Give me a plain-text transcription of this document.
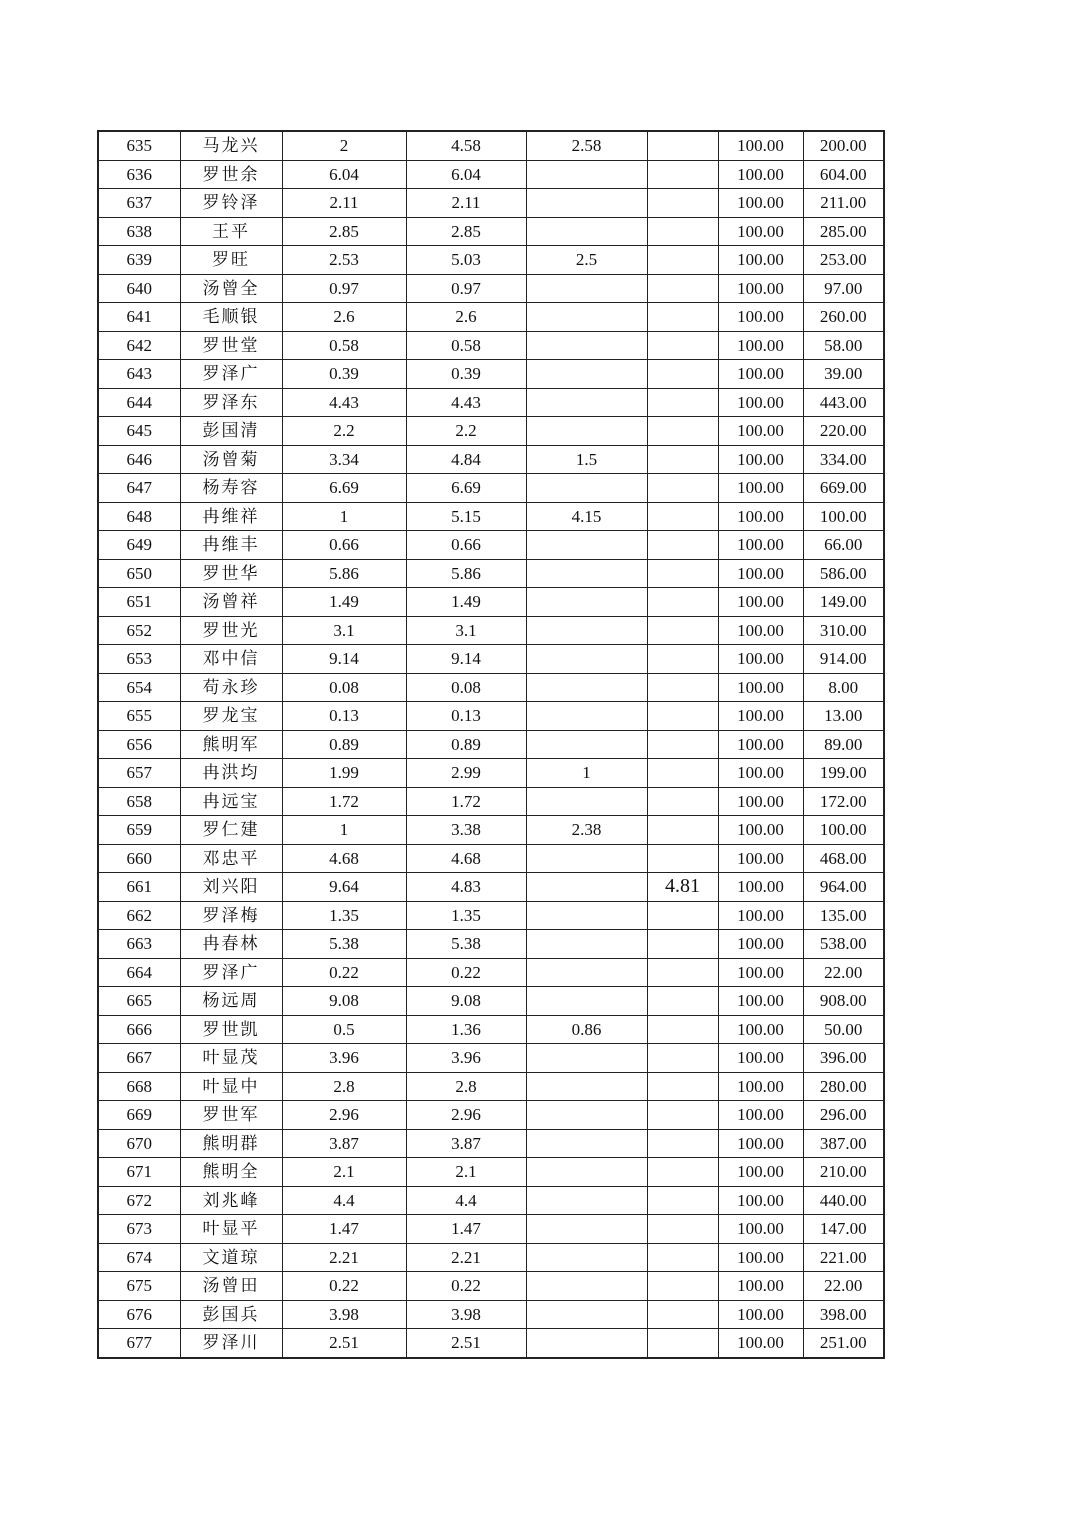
635	马龙兴	2	4.58	2.58		100.00	200.00
636	罗世余	6.04	6.04			100.00	604.00
637	罗铃泽	2.11	2.11			100.00	211.00
638	王平	2.85	2.85			100.00	285.00
639	罗旺	2.53	5.03	2.5		100.00	253.00
640	汤曾全	0.97	0.97			100.00	97.00
641	毛顺银	2.6	2.6			100.00	260.00
642	罗世堂	0.58	0.58			100.00	58.00
643	罗泽广	0.39	0.39			100.00	39.00
644	罗泽东	4.43	4.43			100.00	443.00
645	彭国清	2.2	2.2			100.00	220.00
646	汤曾菊	3.34	4.84	1.5		100.00	334.00
647	杨寿容	6.69	6.69			100.00	669.00
648	冉维祥	1	5.15	4.15		100.00	100.00
649	冉维丰	0.66	0.66			100.00	66.00
650	罗世华	5.86	5.86			100.00	586.00
651	汤曾祥	1.49	1.49			100.00	149.00
652	罗世光	3.1	3.1			100.00	310.00
653	邓中信	9.14	9.14			100.00	914.00
654	苟永珍	0.08	0.08			100.00	8.00
655	罗龙宝	0.13	0.13			100.00	13.00
656	熊明军	0.89	0.89			100.00	89.00
657	冉洪均	1.99	2.99	1		100.00	199.00
658	冉远宝	1.72	1.72			100.00	172.00
659	罗仁建	1	3.38	2.38		100.00	100.00
660	邓忠平	4.68	4.68			100.00	468.00
661	刘兴阳	9.64	4.83		4.81	100.00	964.00
662	罗泽梅	1.35	1.35			100.00	135.00
663	冉春林	5.38	5.38			100.00	538.00
664	罗泽广	0.22	0.22			100.00	22.00
665	杨远周	9.08	9.08			100.00	908.00
666	罗世凯	0.5	1.36	0.86		100.00	50.00
667	叶显茂	3.96	3.96			100.00	396.00
668	叶显中	2.8	2.8			100.00	280.00
669	罗世军	2.96	2.96			100.00	296.00
670	熊明群	3.87	3.87			100.00	387.00
671	熊明全	2.1	2.1			100.00	210.00
672	刘兆峰	4.4	4.4			100.00	440.00
673	叶显平	1.47	1.47			100.00	147.00
674	文道琼	2.21	2.21			100.00	221.00
675	汤曾田	0.22	0.22			100.00	22.00
676	彭国兵	3.98	3.98			100.00	398.00
677	罗泽川	2.51	2.51			100.00	251.00
